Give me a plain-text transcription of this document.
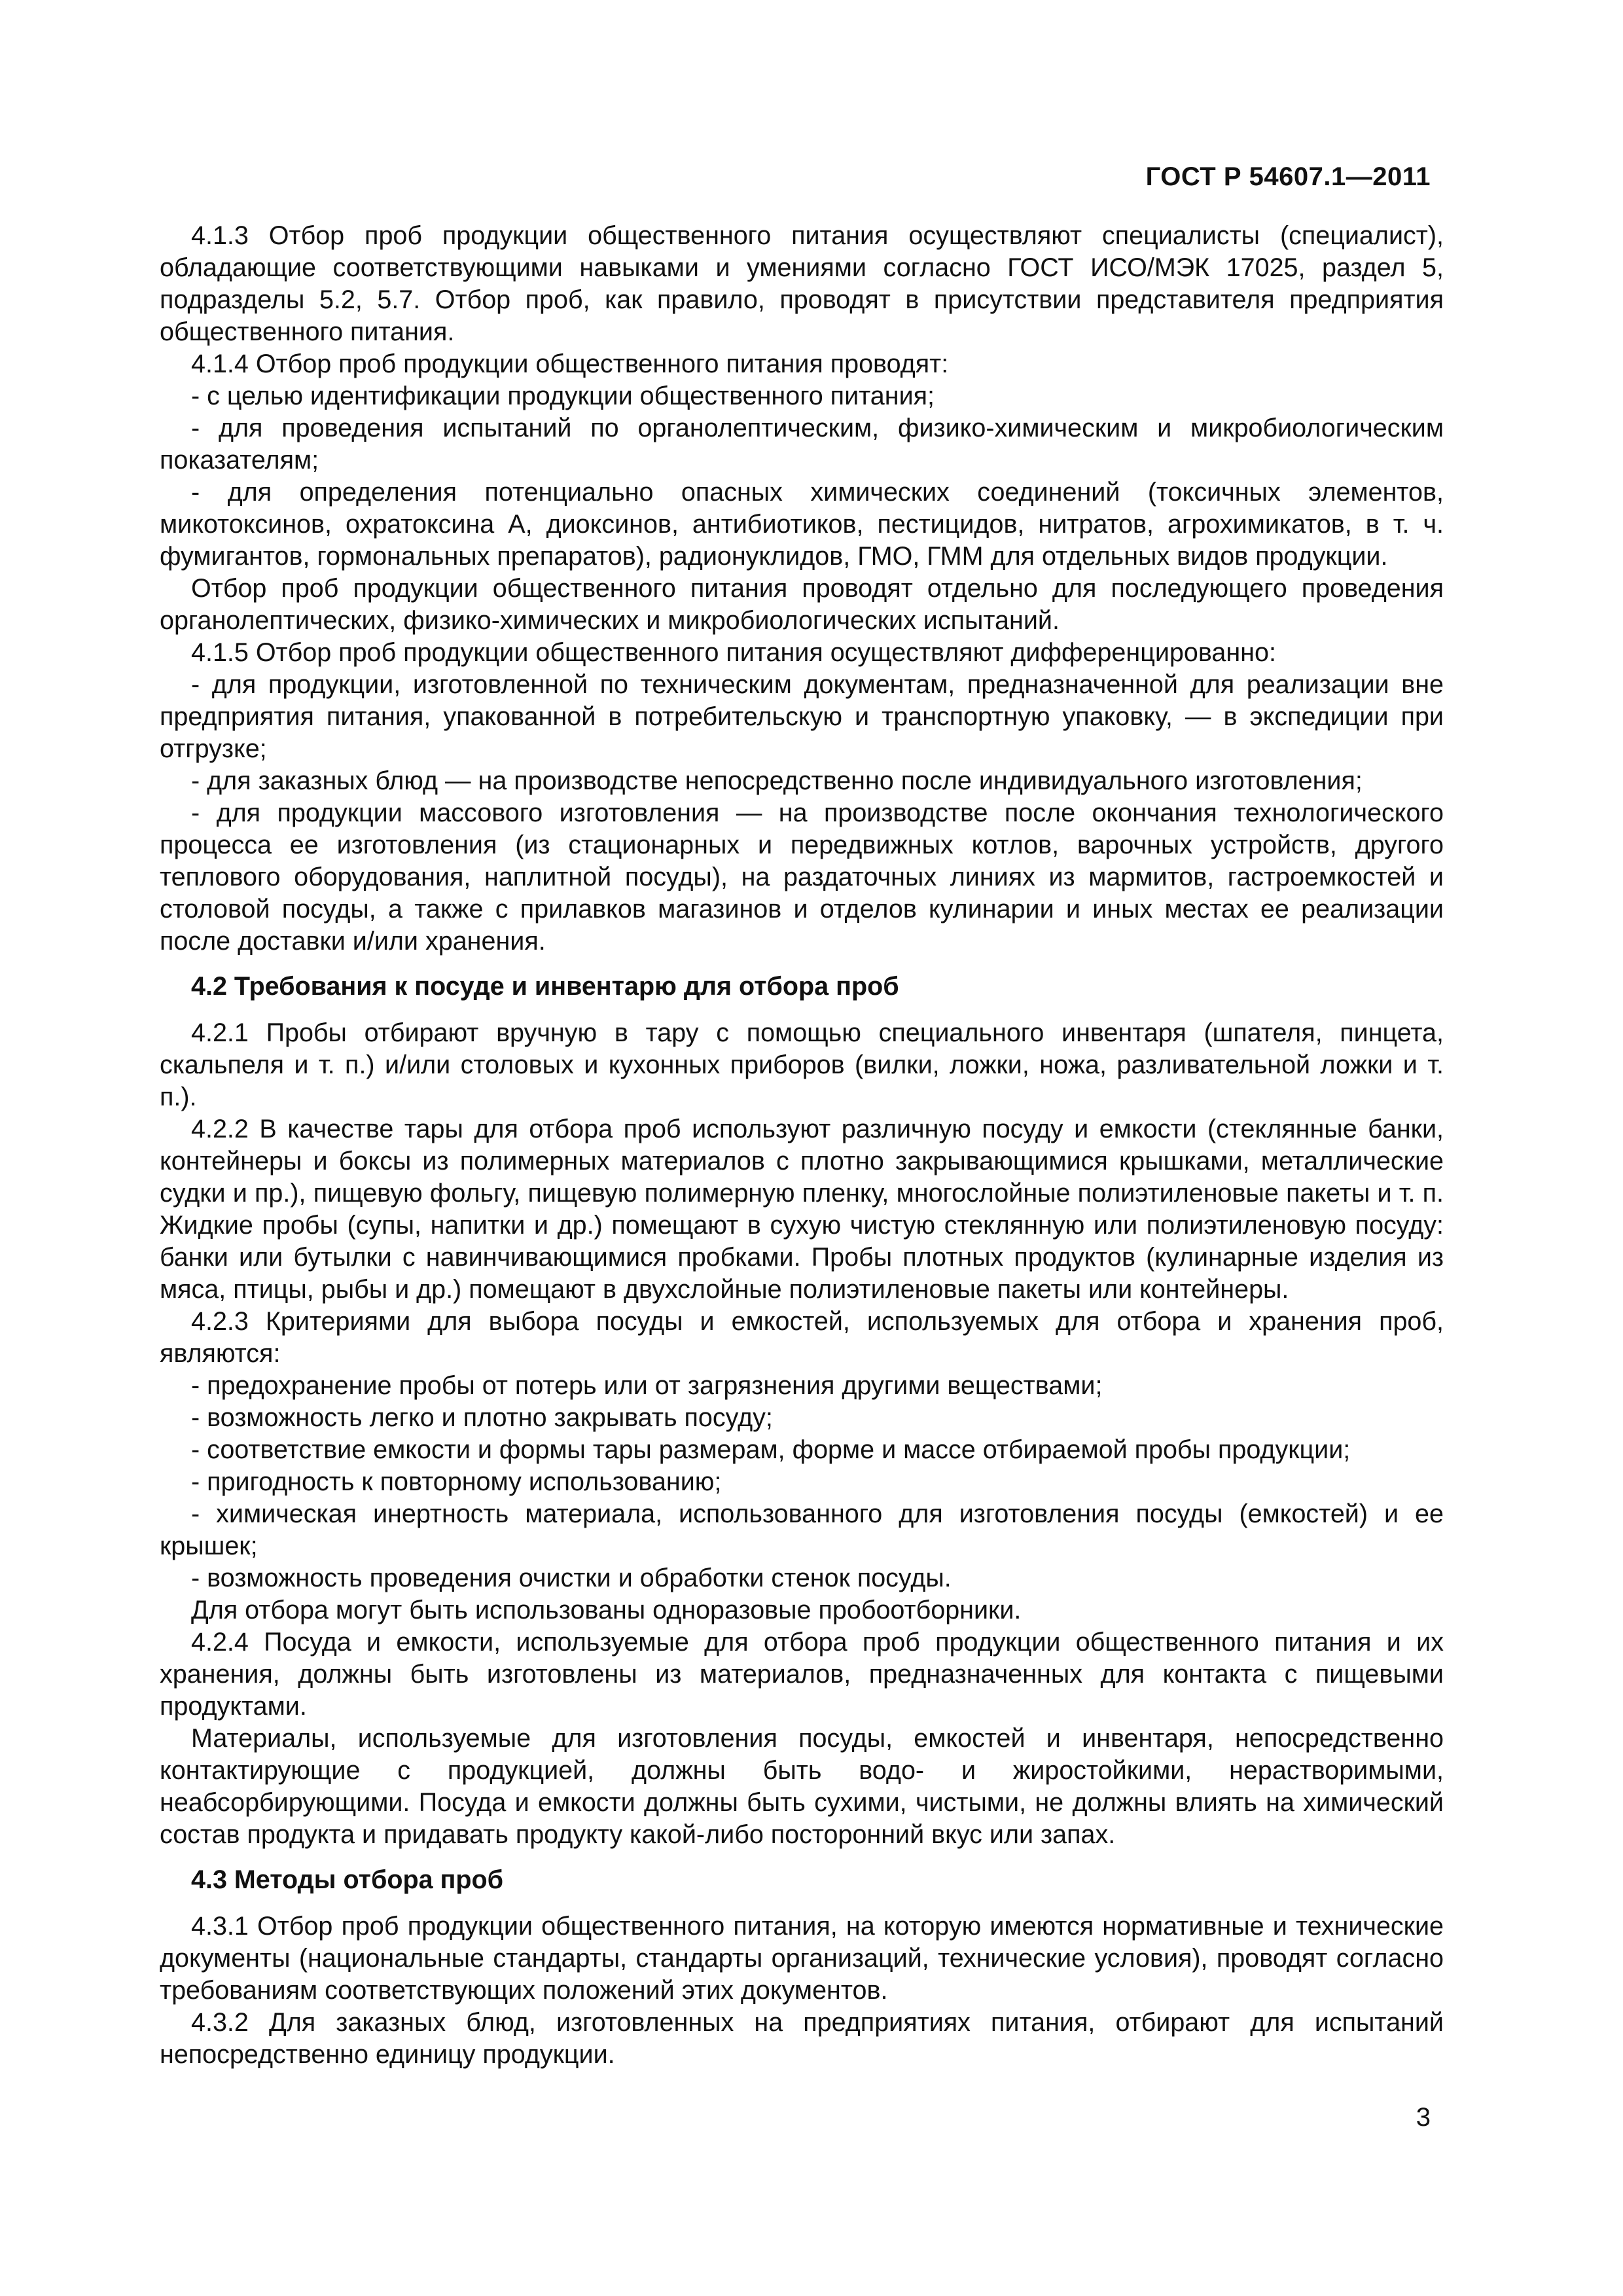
ГОСТ Р 54607.1—2011

4.1.3 Отбор проб продукции общественного питания осуществляют специалисты (специалист), обладающие соответствующими навыками и умениями согласно ГОСТ ИСО/МЭК 17025, раздел 5, подразделы 5.2, 5.7. Отбор проб, как правило, проводят в присутствии представителя предприятия общественного питания.

4.1.4 Отбор проб продукции общественного питания проводят:

- с целью идентификации продукции общественного питания;

- для проведения испытаний по органолептическим, физико-химическим и микробиологическим показателям;

- для определения потенциально опасных химических соединений (токсичных элементов, микотоксинов, охратоксина А, диоксинов, антибиотиков, пестицидов, нитратов, агрохимикатов, в т. ч. фумигантов, гормональных препаратов), радионуклидов, ГМО, ГММ для отдельных видов продукции.

Отбор проб продукции общественного питания проводят отдельно для последующего проведения органолептических, физико-химических и микробиологических испытаний.

4.1.5 Отбор проб продукции общественного питания осуществляют дифференцированно:

- для продукции, изготовленной по техническим документам, предназначенной для реализации вне предприятия питания, упакованной в потребительскую и транспортную упаковку, — в экспедиции при отгрузке;

- для заказных блюд — на производстве непосредственно после индивидуального изготовления;

- для продукции массового изготовления — на производстве после окончания технологического процесса ее изготовления (из стационарных и передвижных котлов, варочных устройств, другого теплового оборудования, наплитной посуды), на раздаточных линиях из мармитов, гастроемкостей и столовой посуды, а также с прилавков магазинов и отделов кулинарии и иных местах ее реализации после доставки и/или хранения.

4.2 Требования к посуде и инвентарю для отбора проб

4.2.1 Пробы отбирают вручную в тару с помощью специального инвентаря (шпателя, пинцета, скальпеля и т. п.) и/или столовых и кухонных приборов (вилки, ложки, ножа, разливательной ложки и т. п.).

4.2.2 В качестве тары для отбора проб используют различную посуду и емкости (стеклянные банки, контейнеры и боксы из полимерных материалов с плотно закрывающимися крышками, металлические судки и пр.), пищевую фольгу, пищевую полимерную пленку, многослойные полиэтиленовые пакеты и т. п. Жидкие пробы (супы, напитки и др.) помещают в сухую чистую стеклянную или полиэтиленовую посуду: банки или бутылки с навинчивающимися пробками. Пробы плотных продуктов (кулинарные изделия из мяса, птицы, рыбы и др.) помещают в двухслойные полиэтиленовые пакеты или контейнеры.

4.2.3 Критериями для выбора посуды и емкостей, используемых для отбора и хранения проб, являются:

- предохранение пробы от потерь или от загрязнения другими веществами;

- возможность легко и плотно закрывать посуду;

- соответствие емкости и формы тары размерам, форме и массе отбираемой пробы продукции;

- пригодность к повторному использованию;

- химическая инертность материала, использованного для изготовления посуды (емкостей) и ее крышек;

- возможность проведения очистки и обработки стенок посуды.

Для отбора могут быть использованы одноразовые пробоотборники.

4.2.4 Посуда и емкости, используемые для отбора проб продукции общественного питания и их хранения, должны быть изготовлены из материалов, предназначенных для контакта с пищевыми продуктами.

Материалы, используемые для изготовления посуды, емкостей и инвентаря, непосредственно контактирующие с продукцией, должны быть водо- и жиростойкими, нерастворимыми, неабсорбирующими. Посуда и емкости должны быть сухими, чистыми, не должны влиять на химический состав продукта и придавать продукту какой-либо посторонний вкус или запах.

4.3 Методы отбора проб

4.3.1 Отбор проб продукции общественного питания, на которую имеются нормативные и технические документы (национальные стандарты, стандарты организаций, технические условия), проводят согласно требованиям соответствующих положений этих документов.

4.3.2 Для заказных блюд, изготовленных на предприятиях питания, отбирают для испытаний непосредственно единицу продукции.

3
